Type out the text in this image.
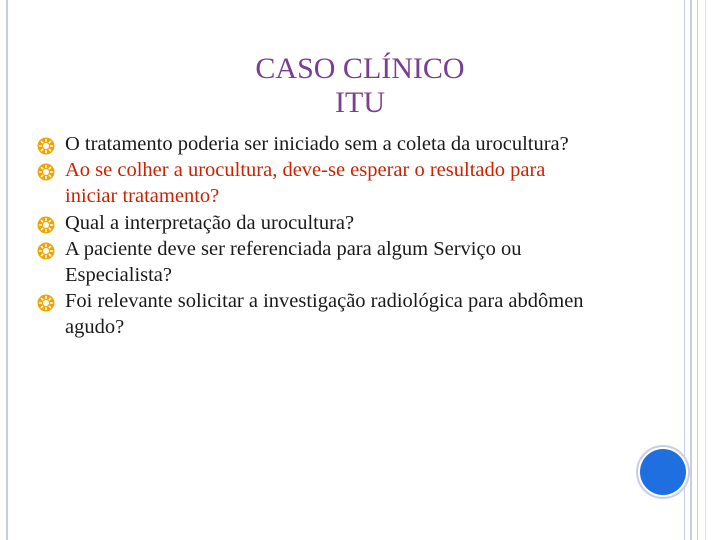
CASO CLÍNICO
ITU
O tratamento poderia ser iniciado sem a coleta da urocultura?
Ao se colher a urocultura, deve-se esperar o resultado para iniciar tratamento?
Qual a interpretação da urocultura?
A paciente deve ser referenciada para algum Serviço ou Especialista?
Foi relevante solicitar a investigação radiológica para abdômen agudo?
